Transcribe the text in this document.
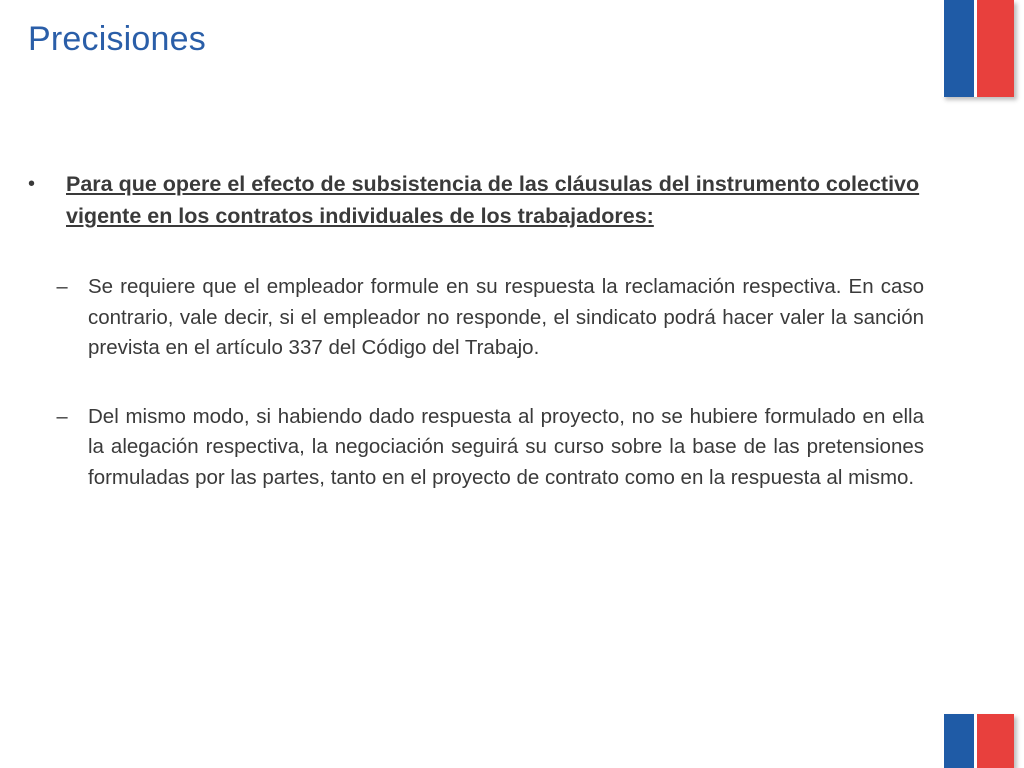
Precisiones
•	Para que opere el efecto de subsistencia de las cláusulas del instrumento colectivo vigente en los contratos individuales de los trabajadores:
– Se requiere que el empleador formule en su respuesta la reclamación respectiva. En caso contrario, vale decir, si el empleador no responde, el sindicato podrá hacer valer la sanción prevista en el artículo 337 del Código del Trabajo.
– Del mismo modo, si habiendo dado respuesta al proyecto, no se hubiere formulado en ella la alegación respectiva, la negociación seguirá su curso sobre la base de las pretensiones formuladas por las partes, tanto en el proyecto de contrato como en la respuesta al mismo.
